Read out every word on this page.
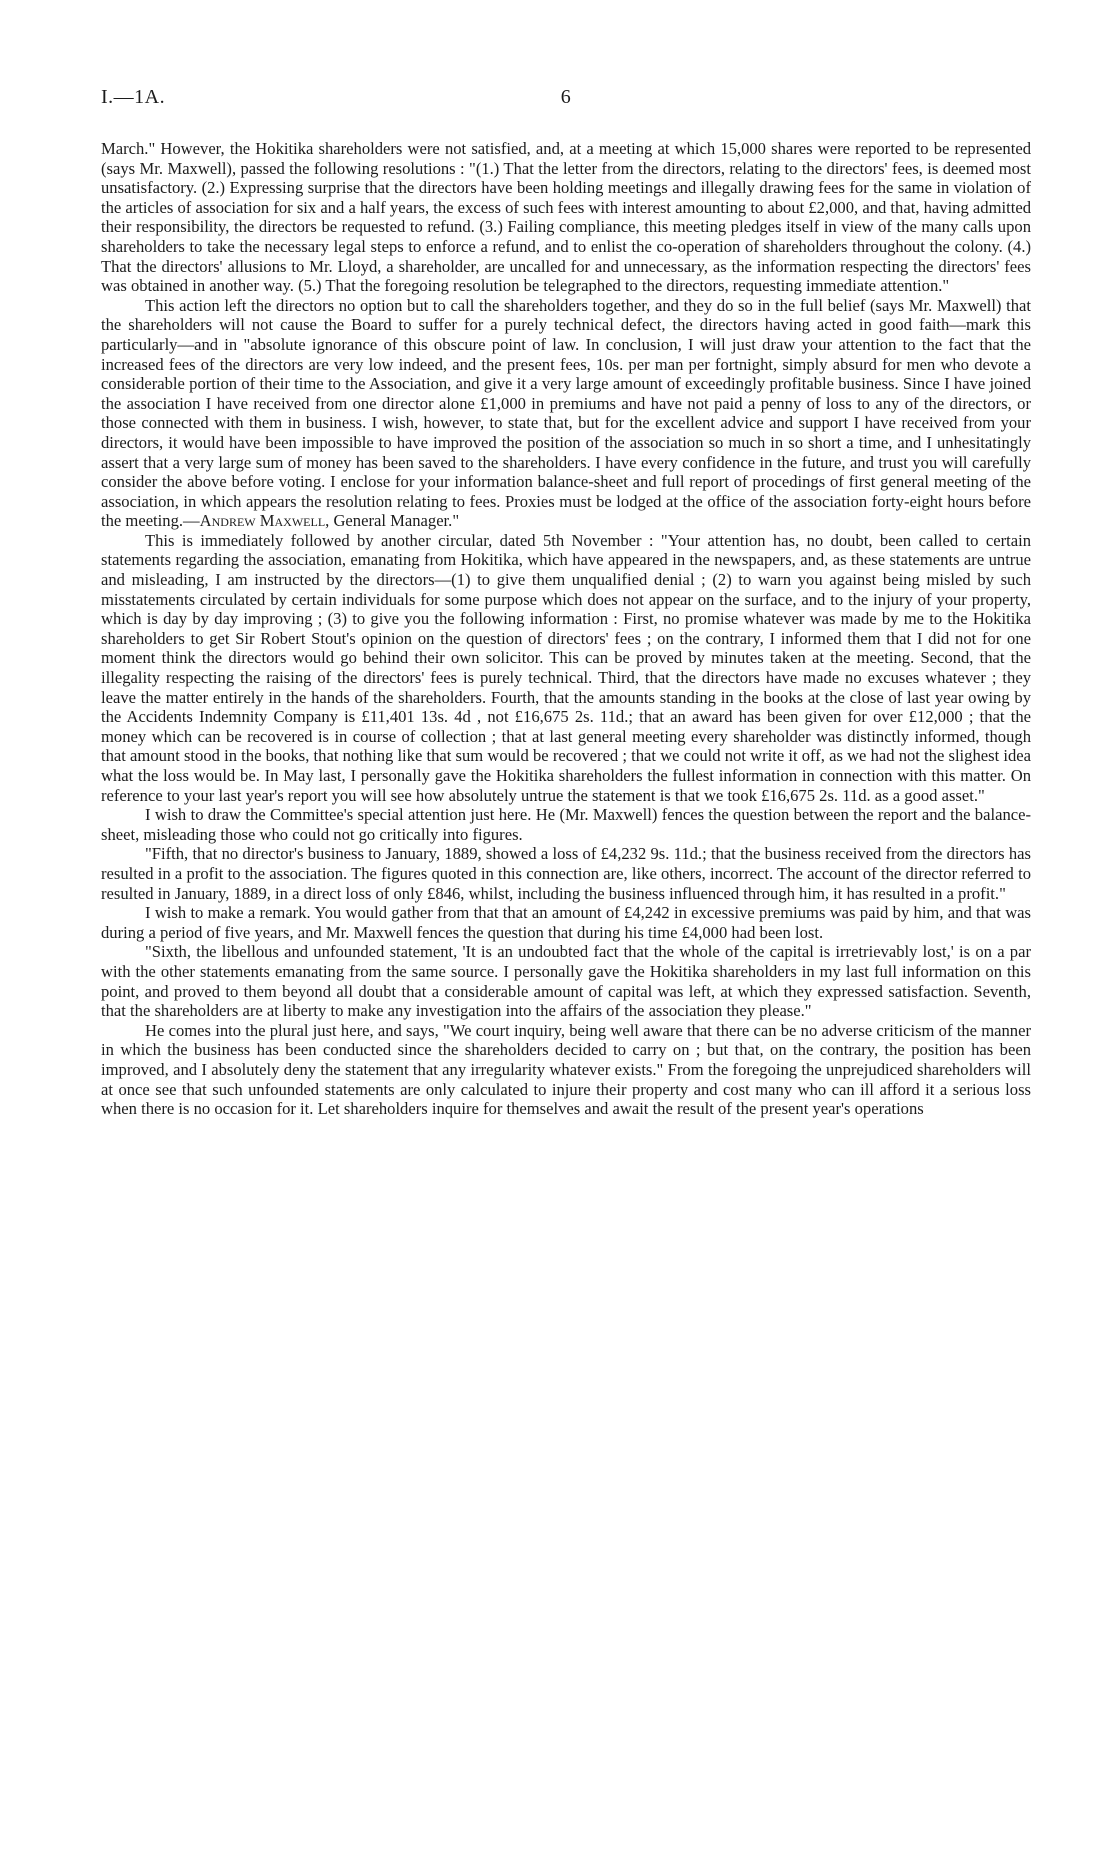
I.—1A.	6

March." However, the Hokitika shareholders were not satisfied, and, at a meeting at which 15,000 shares were reported to be represented (says Mr. Maxwell), passed the following resolutions : "(1.) That the letter from the directors, relating to the directors' fees, is deemed most unsatisfactory. (2.) Expressing surprise that the directors have been holding meetings and illegally drawing fees for the same in violation of the articles of association for six and a half years, the excess of such fees with interest amounting to about £2,000, and that, having admitted their responsibility, the directors be requested to refund. (3.) Failing compliance, this meeting pledges itself in view of the many calls upon shareholders to take the necessary legal steps to enforce a refund, and to enlist the co-operation of shareholders throughout the colony. (4.) That the directors' allusions to Mr. Lloyd, a shareholder, are uncalled for and unnecessary, as the information respecting the directors' fees was obtained in another way. (5.) That the foregoing resolution be telegraphed to the directors, requesting immediate attention."

This action left the directors no option but to call the shareholders together, and they do so in the full belief (says Mr. Maxwell) that the shareholders will not cause the Board to suffer for a purely technical defect, the directors having acted in good faith—mark this particularly—and in "absolute ignorance of this obscure point of law. In conclusion, I will just draw your attention to the fact that the increased fees of the directors are very low indeed, and the present fees, 10s. per man per fortnight, simply absurd for men who devote a considerable portion of their time to the Association, and give it a very large amount of exceedingly profitable business. Since I have joined the association I have received from one director alone £1,000 in premiums and have not paid a penny of loss to any of the directors, or those connected with them in business. I wish, however, to state that, but for the excellent advice and support I have received from your directors, it would have been impossible to have improved the position of the association so much in so short a time, and I unhesitatingly assert that a very large sum of money has been saved to the shareholders. I have every confidence in the future, and trust you will carefully consider the above before voting. I enclose for your information balance-sheet and full report of procedings of first general meeting of the association, in which appears the resolution relating to fees. Proxies must be lodged at the office of the association forty-eight hours before the meeting.—Andrew Maxwell, General Manager."

This is immediately followed by another circular, dated 5th November : "Your attention has, no doubt, been called to certain statements regarding the association, emanating from Hokitika, which have appeared in the newspapers, and, as these statements are untrue and misleading, I am instructed by the directors—(1) to give them unqualified denial ; (2) to warn you against being misled by such misstatements circulated by certain individuals for some purpose which does not appear on the surface, and to the injury of your property, which is day by day improving ; (3) to give you the following information : First, no promise whatever was made by me to the Hokitika shareholders to get Sir Robert Stout's opinion on the question of directors' fees ; on the contrary, I informed them that I did not for one moment think the directors would go behind their own solicitor. This can be proved by minutes taken at the meeting. Second, that the illegality respecting the raising of the directors' fees is purely technical. Third, that the directors have made no excuses whatever ; they leave the matter entirely in the hands of the shareholders. Fourth, that the amounts standing in the books at the close of last year owing by the Accidents Indemnity Company is £11,401 13s. 4d , not £16,675 2s. 11d.; that an award has been given for over £12,000 ; that the money which can be recovered is in course of collection ; that at last general meeting every shareholder was distinctly informed, though that amount stood in the books, that nothing like that sum would be recovered ; that we could not write it off, as we had not the slighest idea what the loss would be. In May last, I personally gave the Hokitika shareholders the fullest information in connection with this matter. On reference to your last year's report you will see how absolutely untrue the statement is that we took £16,675 2s. 11d. as a good asset."

I wish to draw the Committee's special attention just here. He (Mr. Maxwell) fences the question between the report and the balance-sheet, misleading those who could not go critically into figures.

"Fifth, that no director's business to January, 1889, showed a loss of £4,232 9s. 11d.; that the business received from the directors has resulted in a profit to the association. The figures quoted in this connection are, like others, incorrect. The account of the director referred to resulted in January, 1889, in a direct loss of only £846, whilst, including the business influenced through him, it has resulted in a profit."

I wish to make a remark. You would gather from that that an amount of £4,242 in excessive premiums was paid by him, and that was during a period of five years, and Mr. Maxwell fences the question that during his time £4,000 had been lost.

"Sixth, the libellous and unfounded statement, 'It is an undoubted fact that the whole of the capital is irretrievably lost,' is on a par with the other statements emanating from the same source. I personally gave the Hokitika shareholders in my last full information on this point, and proved to them beyond all doubt that a considerable amount of capital was left, at which they expressed satisfaction. Seventh, that the shareholders are at liberty to make any investigation into the affairs of the association they please."

He comes into the plural just here, and says, "We court inquiry, being well aware that there can be no adverse criticism of the manner in which the business has been conducted since the shareholders decided to carry on ; but that, on the contrary, the position has been improved, and I absolutely deny the statement that any irregularity whatever exists." From the foregoing the unprejudiced shareholders will at once see that such unfounded statements are only calculated to injure their property and cost many who can ill afford it a serious loss when there is no occasion for it. Let shareholders inquire for themselves and await the result of the present year's operations
